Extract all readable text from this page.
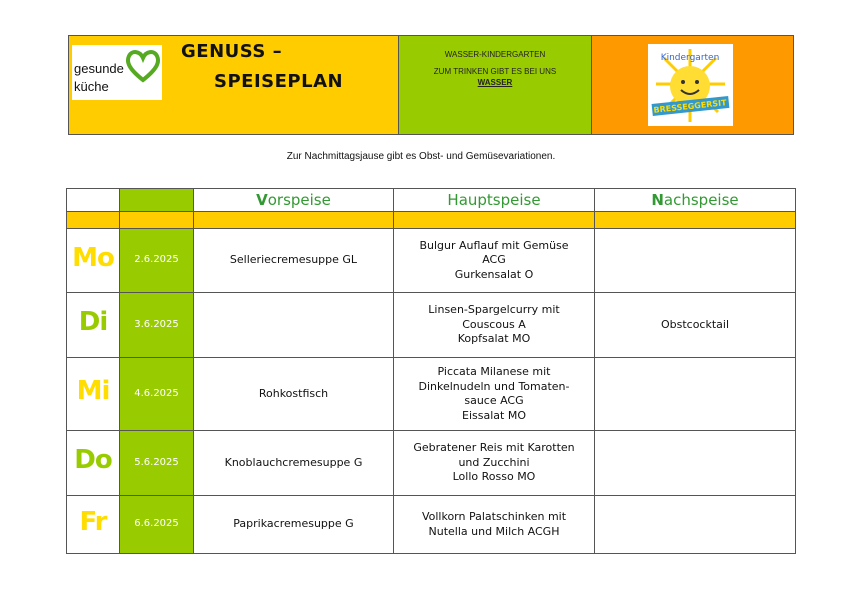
gesunde
küche
GENUSS –
SPEISEPLAN
WASSER-KINDERGARTEN
ZUM TRINKEN GIBT ES BEI UNS
WASSER
Kindergarten
BRESSEGGERSIT
Zur Nachmittagsjause gibt es Obst- und Gemüsevariationen.
		Vorspeise	Hauptspeise	Nachspeise

Mo	2.6.2025	Selleriecremesuppe GL	Bulgur Auflauf mit Gemüse
ACG
Gurkensalat O	

Di	3.6.2025		Linsen-Spargelcurry mit
Couscous A
Kopfsalat MO	Obstcocktail
Mi	4.6.2025	Rohkostfisch	Piccata Milanese mit
Dinkelnudeln und Tomaten-
sauce ACG
Eissalat MO	

Do	5.6.2025	Knoblauchcremesuppe G	Gebratener Reis mit Karotten
und Zucchini
Lollo Rosso MO	

Fr	6.6.2025	Paprikacremesuppe G	Vollkorn Palatschinken mit
Nutella und Milch ACGH	
